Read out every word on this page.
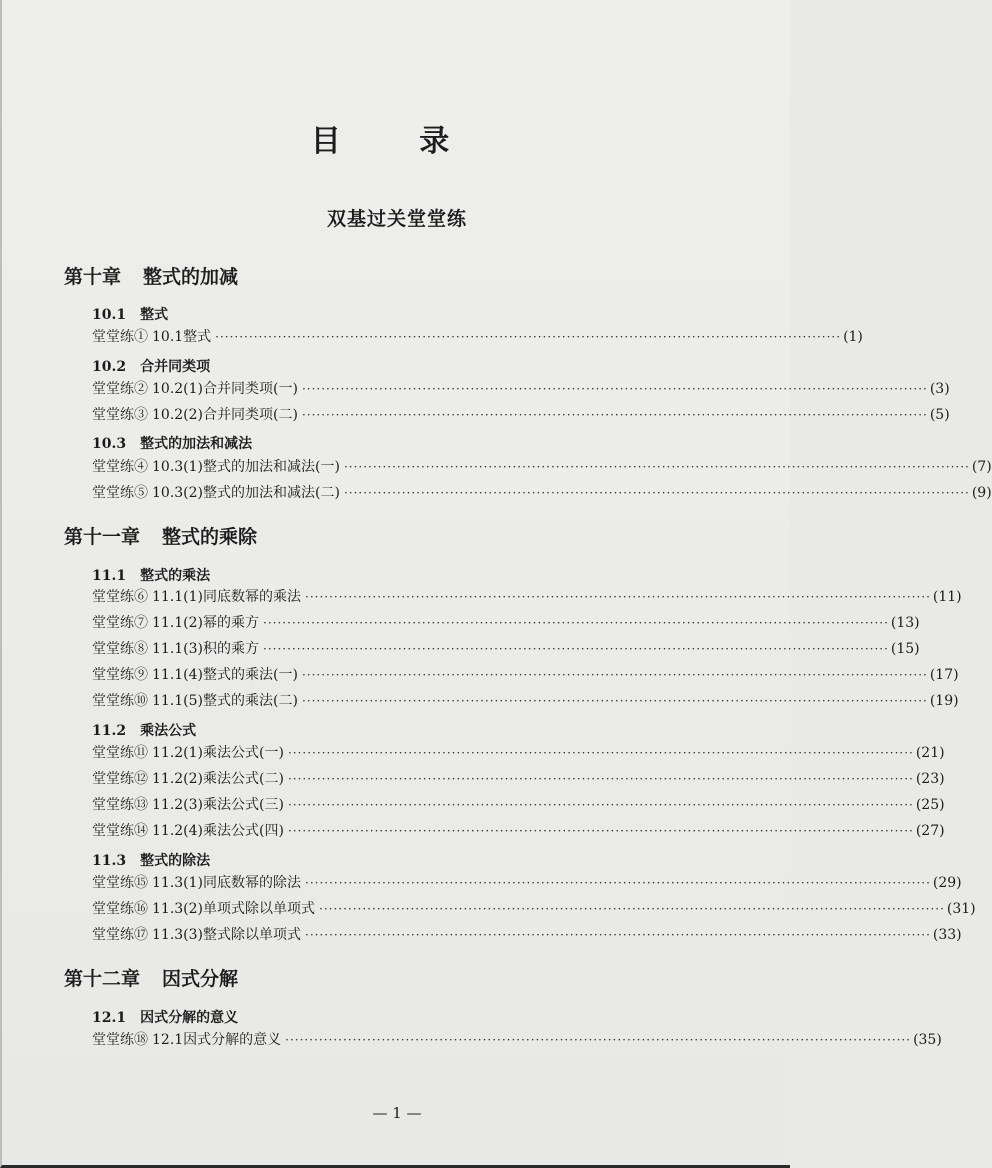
目 录
双基过关堂堂练
第十章 整式的加减
10.1 整式
堂堂练① 10.1 整式 ·································································································································· (1)
10.2 合并同类项
堂堂练② 10.2(1) 合并同类项(一) ·································································································································· (3)
堂堂练③ 10.2(2) 合并同类项(二) ·································································································································· (5)
10.3 整式的加法和减法
堂堂练④ 10.3(1) 整式的加法和减法(一) ·································································································································· (7)
堂堂练⑤ 10.3(2) 整式的加法和减法(二) ·································································································································· (9)
第十一章 整式的乘除
11.1 整式的乘法
堂堂练⑥ 11.1(1) 同底数幂的乘法 ·································································································································· (11)
堂堂练⑦ 11.1(2) 幂的乘方 ·································································································································· (13)
堂堂练⑧ 11.1(3) 积的乘方 ·································································································································· (15)
堂堂练⑨ 11.1(4) 整式的乘法(一) ·································································································································· (17)
堂堂练⑩ 11.1(5) 整式的乘法(二) ·································································································································· (19)
11.2 乘法公式
堂堂练⑪ 11.2(1) 乘法公式(一) ·································································································································· (21)
堂堂练⑫ 11.2(2) 乘法公式(二) ·································································································································· (23)
堂堂练⑬ 11.2(3) 乘法公式(三) ·································································································································· (25)
堂堂练⑭ 11.2(4) 乘法公式(四) ·································································································································· (27)
11.3 整式的除法
堂堂练⑮ 11.3(1) 同底数幂的除法 ·································································································································· (29)
堂堂练⑯ 11.3(2) 单项式除以单项式 ·································································································································· (31)
堂堂练⑰ 11.3(3) 整式除以单项式 ·································································································································· (33)
第十二章 因式分解
12.1 因式分解的意义
堂堂练⑱ 12.1 因式分解的意义 ·································································································································· (35)
— 1 —
